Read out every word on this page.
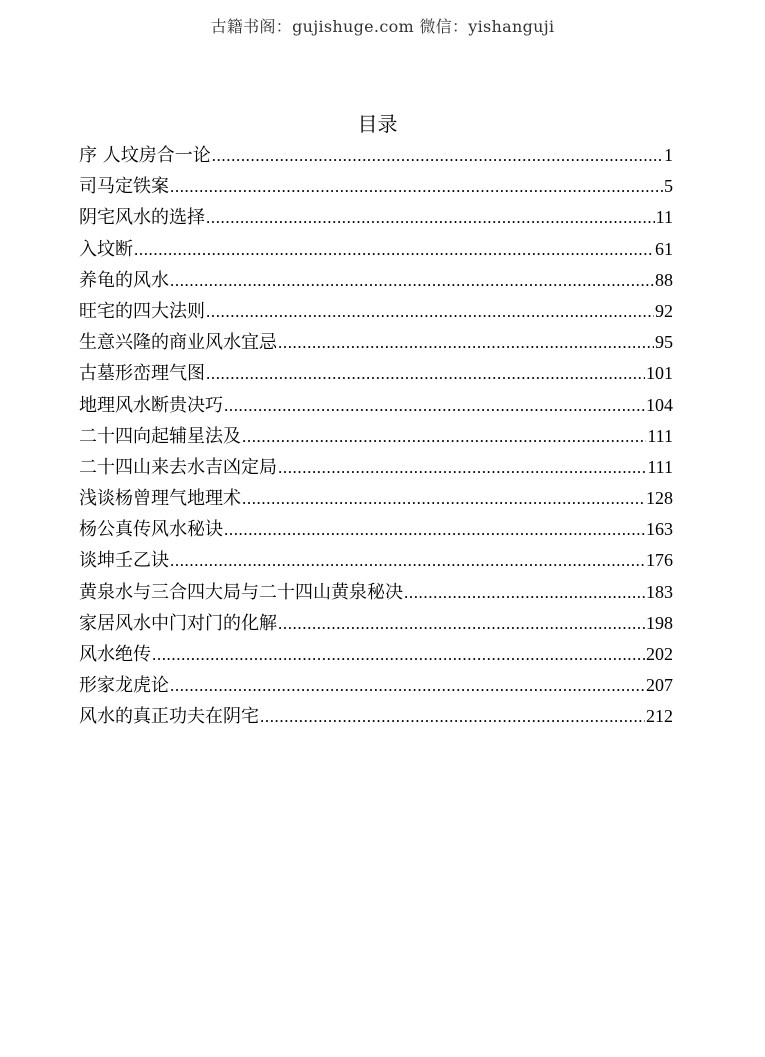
古籍书阁：gujishuge.com 微信：yishanguji
目录
序 人坟房合一论 .....	1
司马定铁案 .....	5
阴宅风水的选择 .....	11
入坟断 .....	61
养龟的风水 .....	88
旺宅的四大法则 .....	92
生意兴隆的商业风水宜忌 .....	95
古墓形峦理气图 .....	101
地理风水断贵决巧 .....	104
二十四向起辅星法及 .....	111
二十四山来去水吉凶定局 .....	111
浅谈杨曾理气地理术 .....	128
杨公真传风水秘诀 .....	163
谈坤壬乙诀 .....	176
黄泉水与三合四大局与二十四山黄泉秘决 .....	183
家居风水中门对门的化解 .....	198
风水绝传 .....	202
形家龙虎论 .....	207
风水的真正功夫在阴宅 .....	212
